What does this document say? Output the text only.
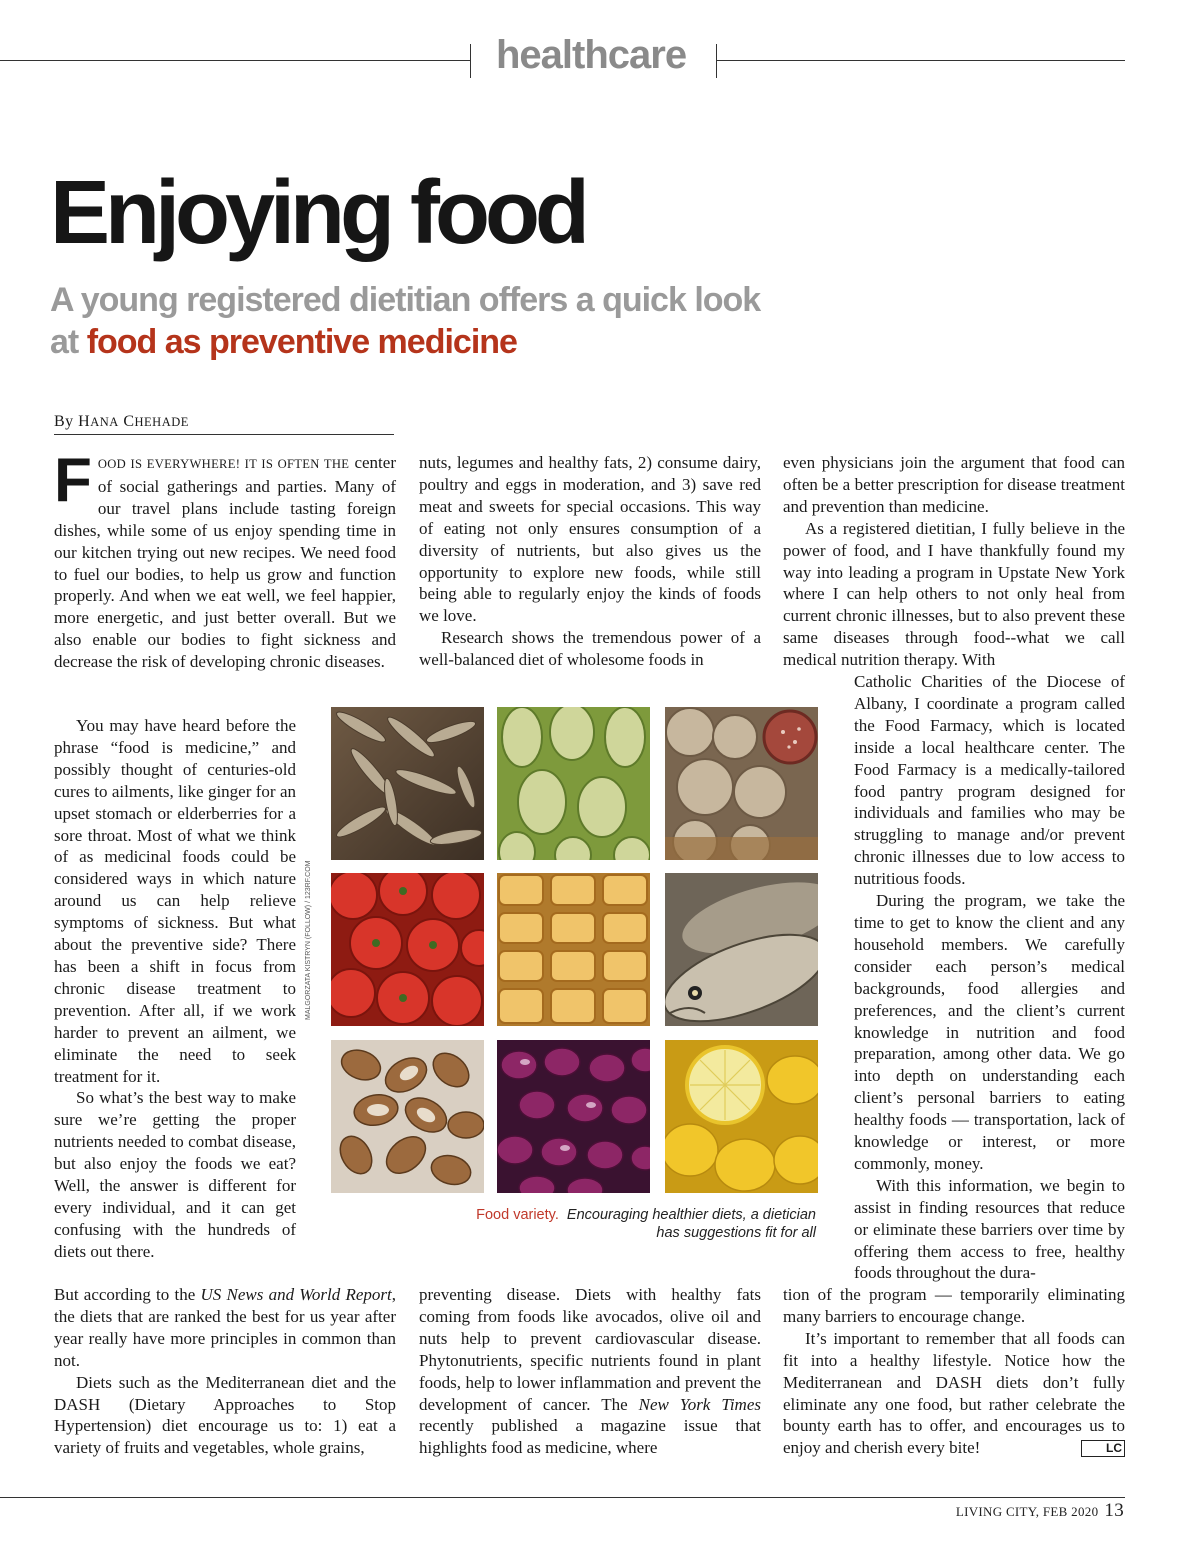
healthcare
Enjoying food
A young registered dietitian offers a quick look at food as preventive medicine
By HANA CHEHADE

FOOD IS EVERYWHERE! IT IS OFTEN THE center of social gatherings and parties. Many of our travel plans include tasting foreign dishes, while some of us enjoy spending time in our kitchen trying out new recipes. We need food to fuel our bodies, to help us grow and function properly. And when we eat well, we feel happier, more energetic, and just better overall. But we also enable our bodies to fight sickness and decrease the risk of developing chronic diseases.

You may have heard before the phrase “food is medicine,” and possibly thought of centuries-old cures to ailments, like ginger for an upset stomach or elderberries for a sore throat. Most of what we think of as medicinal foods could be considered ways in which nature around us can help relieve symptoms of sickness. But what about the preventive side? There has been a shift in focus from chronic disease treatment to prevention. After all, if we work harder to prevent an ailment, we eliminate the need to seek treatment for it.

So what’s the best way to make sure we’re getting the proper nutrients needed to combat disease, but also enjoy the foods we eat? Well, the answer is different for every individual, and it can get confusing with the hundreds of diets out there.

But according to the US News and World Report, the diets that are ranked the best for us year after year really have more principles in common than not.

Diets such as the Mediterranean diet and the DASH (Dietary Approaches to Stop Hypertension) diet encourage us to: 1) eat a variety of fruits and vegetables, whole grains,

nuts, legumes and healthy fats, 2) consume dairy, poultry and eggs in moderation, and 3) save red meat and sweets for special occasions. This way of eating not only ensures consumption of a diversity of nutrients, but also gives us the opportunity to explore new foods, while still being able to regularly enjoy the kinds of foods we love.

Research shows the tremendous power of a well-balanced diet of wholesome foods in

preventing disease. Diets with healthy fats coming from foods like avocados, olive oil and nuts help to prevent cardiovascular disease. Phytonutrients, specific nutrients found in plant foods, help to lower inflammation and prevent the development of cancer. The New York Times recently published a magazine issue that highlights food as medicine, where

even physicians join the argument that food can often be a better prescription for disease treatment and prevention than medicine.

As a registered dietitian, I fully believe in the power of food, and I have thankfully found my way into leading a program in Upstate New York where I can help others to not only heal from current chronic illnesses, but to also prevent these same diseases through food--what we call medical nutrition therapy. With

Catholic Charities of the Diocese of Albany, I coordinate a program called the Food Farmacy, which is located inside a local healthcare center. The Food Farmacy is a medically-tailored food pantry program designed for individuals and families who may be struggling to manage and/or prevent chronic illnesses due to low access to nutritious foods.

During the program, we take the time to get to know the client and any household members. We carefully consider each person’s medical backgrounds, food allergies and preferences, and the client’s current knowledge in nutrition and food preparation, among other data. We go into depth on understanding each client’s personal barriers to eating healthy foods — transportation, lack of knowledge or interest, or more commonly, money.

With this information, we begin to assist in finding resources that reduce or eliminate these barriers over time by offering them access to free, healthy foods throughout the dura-

tion of the program — temporarily eliminating many barriers to encourage change.

It’s important to remember that all foods can fit into a healthy lifestyle. Notice how the Mediterranean and DASH diets don’t fully eliminate any one food, but rather celebrate the bounty earth has to offer, and encourages us to enjoy and cherish every bite!	LC

MALGORZATA KISTRYN (FOLLOW) / 123RF.COM
Food variety. Encouraging healthier diets, a dietician has suggestions fit for all
LIVING CITY, FEB 2020 13
